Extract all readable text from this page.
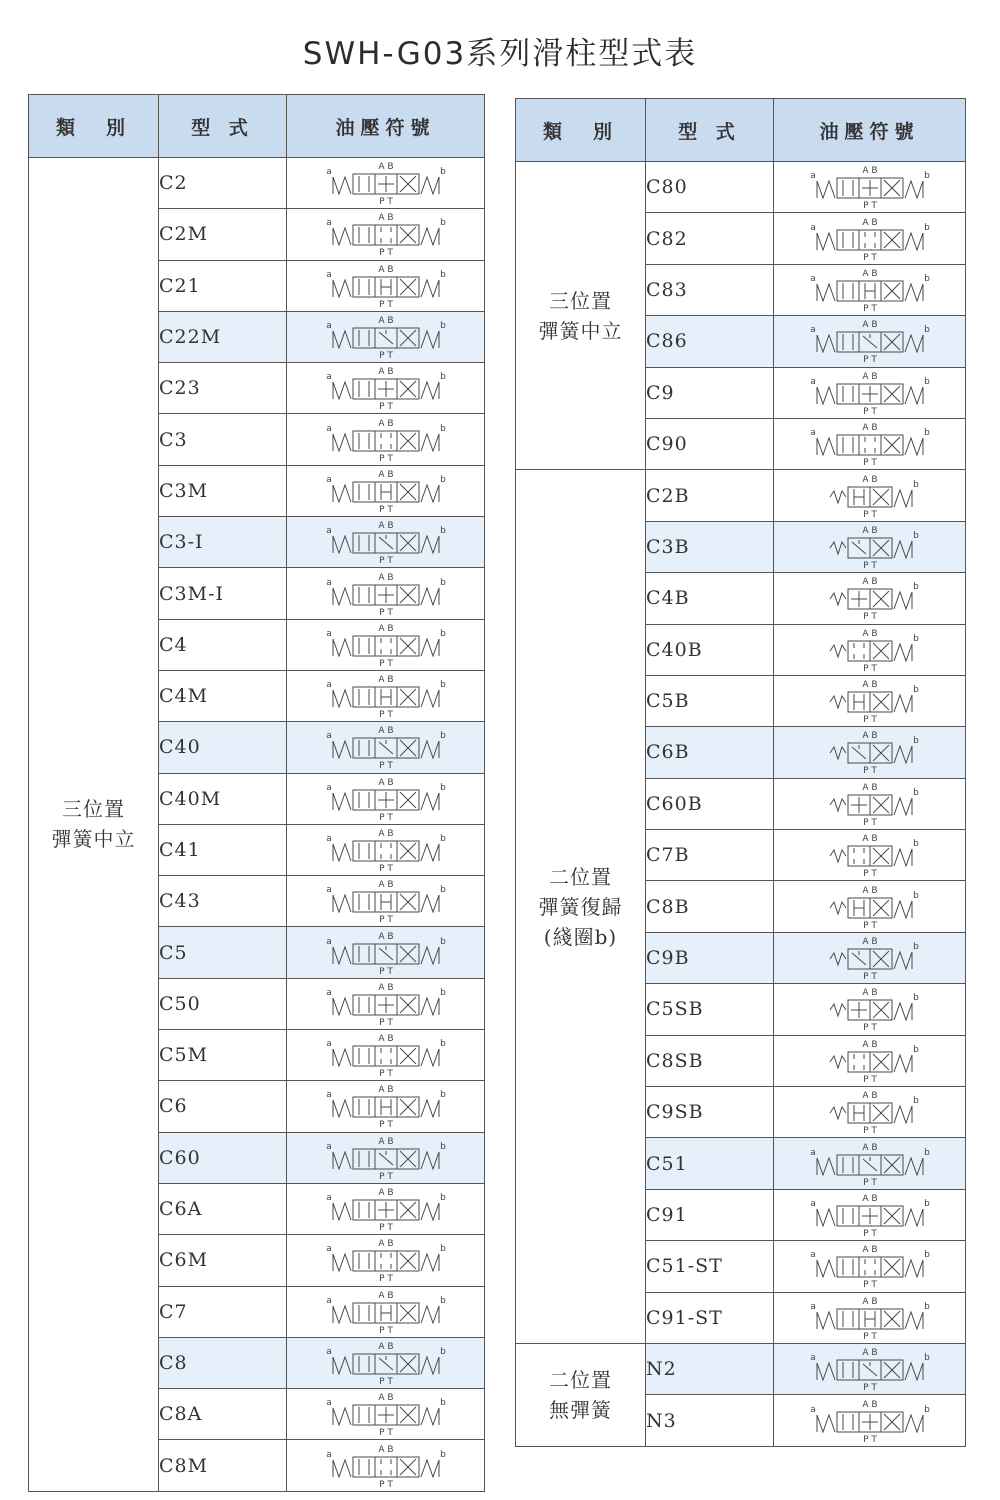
SWH-G03系列滑柱型式表
類　別	型 式	油壓符號
三位置
彈簧中立	C2	A B
P T
a b

	C2M	A B
P T
a b

	C21	A B
P T
a b

	C22M	A B
P T
a b

	C23	A B
P T
a b

	C3	A B
P T
a b

	C3M	A B
P T
a b

	C3-I	A B
P T
a b

	C3M-I	A B
P T
a b

	C4	A B
P T
a b

	C4M	A B
P T
a b

	C40	A B
P T
a b

	C40M	A B
P T
a b

	C41	A B
P T
a b

	C43	A B
P T
a b

	C5	A B
P T
a b

	C50	A B
P T
a b

	C5M	A B
P T
a b

	C6	A B
P T
a b

	C60	A B
P T
a b

	C6A	A B
P T
a b

	C6M	A B
P T
a b

	C7	A B
P T
a b

	C8	A B
P T
a b

	C8A	A B
P T
a b

	C8M	A B
P T
a b
類　別	型 式	油壓符號
三位置
彈簧中立	C80	A B
P T
a b

	C82	A B
P T
a b

	C83	A B
P T
a b

	C86	A B
P T
a b

	C9	A B
P T
a b

	C90	A B
P T
a b

二位置
彈簧復歸
(綫圈b)	C2B	A B
P T
b

	C3B	A B
P T
b

	C4B	A B
P T
b

	C40B	A B
P T
b

	C5B	A B
P T
b

	C6B	A B
P T
b

	C60B	A B
P T
b

	C7B	A B
P T
b

	C8B	A B
P T
b

	C9B	A B
P T
b

	C5SB	A B
P T
b

	C8SB	A B
P T
b

	C9SB	A B
P T
b

	C51	A B
P T
a b

	C91	A B
P T
a b

	C51-ST	A B
P T
a b

	C91-ST	A B
P T
a b

二位置
無彈簧	N2	A B
P T
a b

	N3	A B
P T
a b
